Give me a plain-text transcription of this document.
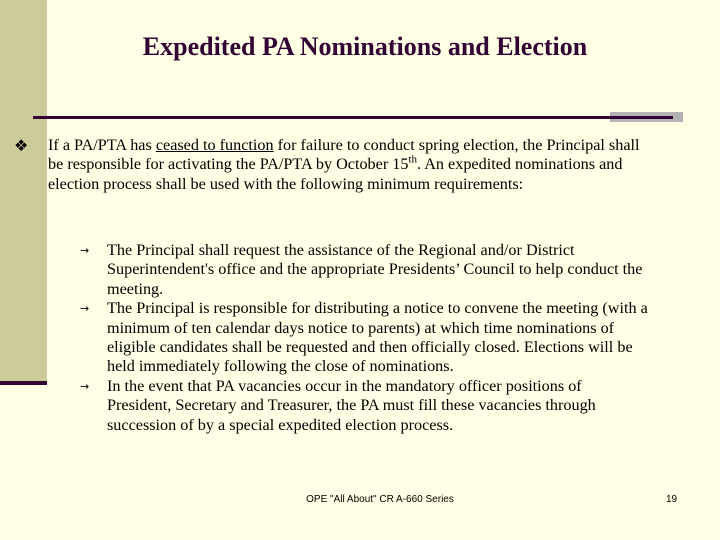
Expedited PA Nominations and Election
❖ If a PA/PTA has ceased to function for failure to conduct spring election, the Principal shall be responsible for activating the PA/PTA by October 15th. An expedited nominations and election process shall be used with the following minimum requirements:
→ The Principal shall request the assistance of the Regional and/or District Superintendent's office and the appropriate Presidents’ Council to help conduct the meeting.
→ The Principal is responsible for distributing a notice to convene the meeting (with a minimum of ten calendar days notice to parents) at which time nominations of eligible candidates shall be requested and then officially closed. Elections will be held immediately following the close of nominations.
→ In the event that PA vacancies occur in the mandatory officer positions of President, Secretary and Treasurer, the PA must fill these vacancies through succession of by a special expedited election process.
OPE "All About" CR A-660 Series	19
